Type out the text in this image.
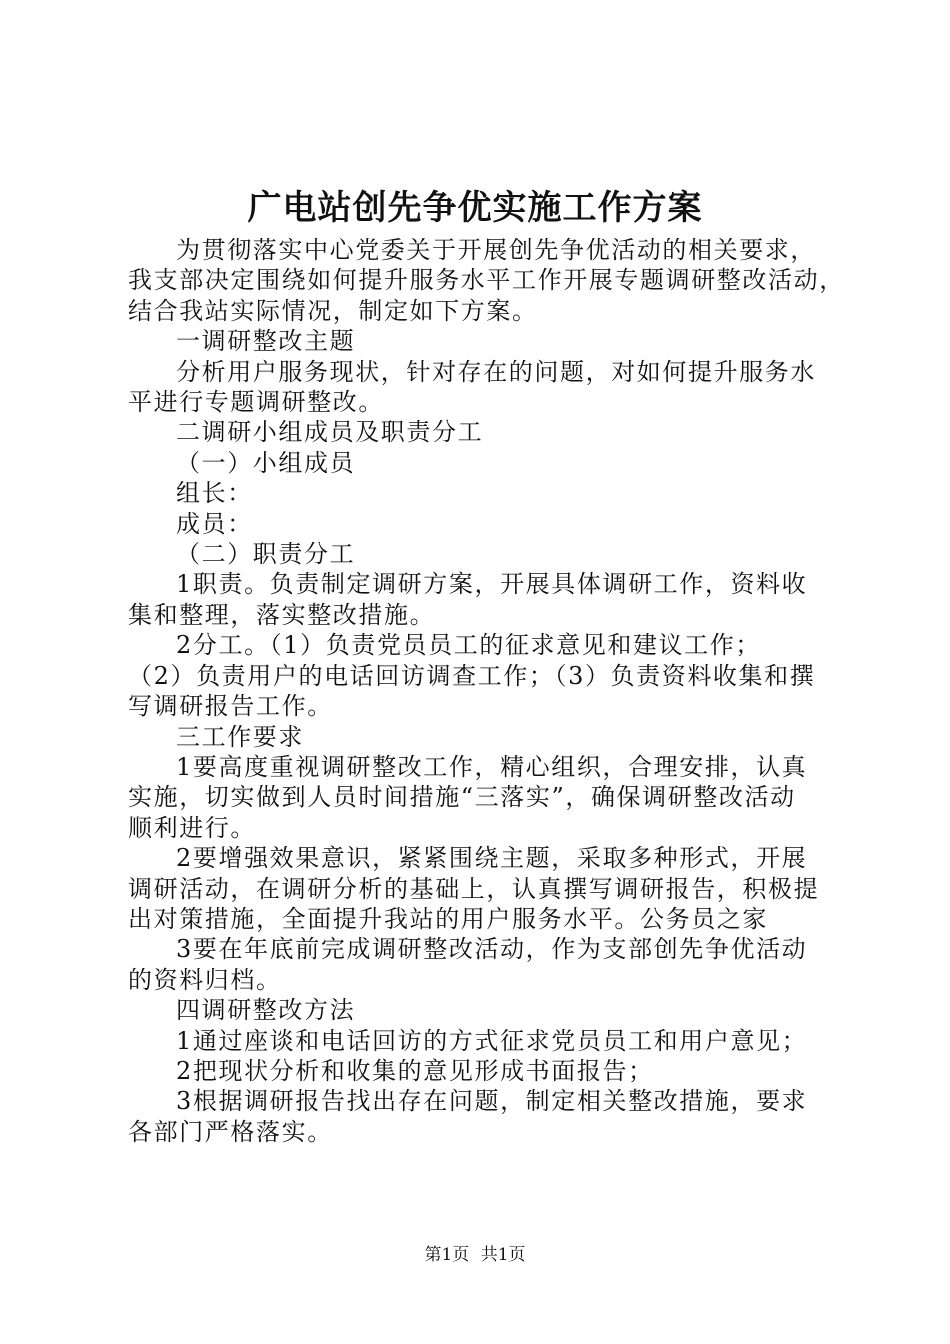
广电站创先争优实施工作方案

为贯彻落实中心党委关于开展创先争优活动的相关要求，
我支部决定围绕如何提升服务水平工作开展专题调研整改活动，
结合我站实际情况，制定如下方案。

一调研整改主题

分析用户服务现状，针对存在的问题，对如何提升服务水
平进行专题调研整改。

二调研小组成员及职责分工

（一）小组成员

组长：

成员：

（二）职责分工

1职责。负责制定调研方案，开展具体调研工作，资料收
集和整理，落实整改措施。

2分工。（1）负责党员员工的征求意见和建议工作；
（2）负责用户的电话回访调查工作；（3）负责资料收集和撰
写调研报告工作。

三工作要求

1要高度重视调研整改工作，精心组织，合理安排，认真
实施，切实做到人员时间措施“三落实”，确保调研整改活动
顺利进行。

2要增强效果意识，紧紧围绕主题，采取多种形式，开展
调研活动，在调研分析的基础上，认真撰写调研报告，积极提
出对策措施，全面提升我站的用户服务水平。公务员之家

3要在年底前完成调研整改活动，作为支部创先争优活动
的资料归档。

四调研整改方法

1通过座谈和电话回访的方式征求党员员工和用户意见；

2把现状分析和收集的意见形成书面报告；

3根据调研报告找出存在问题，制定相关整改措施，要求
各部门严格落实。

第1页 共1页
